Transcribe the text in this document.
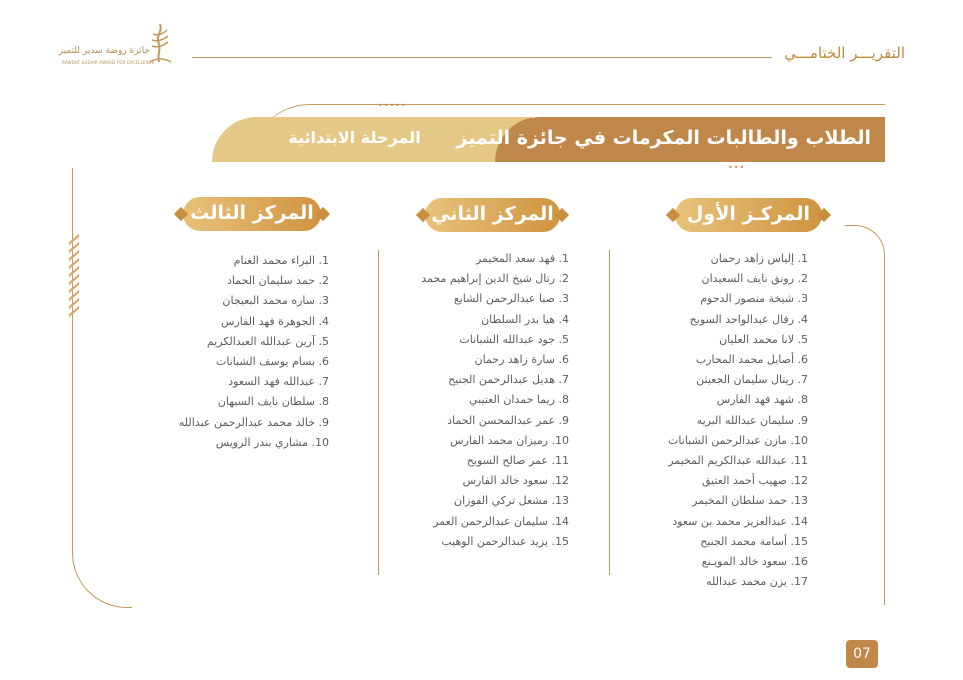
جائزة روضة سدير للتميز
RAWDAT SUDAIR AWARD FOR EXCELLENCE
التقريـــر الختامـــي
•••••
الطلاب والطالبات المكرمات في جائزة التميز
المرحلة الابتدائية
•••
المركـز الأول
المركز الثاني
المركز الثالث
1. إلياس زاهد رحمان
2. رونق نايف السعيدان
3. شيخة منصور الدحوم
4. رفال عبدالواحد السويح
5. لانا محمد العليان
6. أصايل محمد المحارب
7. ريتال سليمان الجعيثن
8. شهد فهد الفارس
9. سليمان عبدالله البريه
10. مازن عبدالرحمن الشبانات
11. عبدالله عبدالكريم المخيمر
12. صهيب أحمد العتيق
13. حمد سلطان المخيمر
14. عبدالعزيز محمد بن سعود
15. أسامة محمد الجنيح
16. سعود خالد المويـنع
17. يزن محمد عبدالله
1. فهد سعد المخيمر
2. رتال شيخ الدين إبراهيم محمد
3. صبا عبدالرحمن الشايع
4. هيا بدر السلطان
5. جود عبدالله الشبانات
6. سارة زاهد رحمان
7. هديل عبدالرحمن الجنيح
8. ريما حمدان العتيبي
9. عمر عبدالمحسن الحماد
10. رميزان محمد الفارس
11. عمر صالح السويح
12. سعود خالد الفارس
13. مشعل تركي الفوزان
14. سليمان عبدالرحمن العمر
15. يزيد عبدالرحمن الوهيب
1. البراء محمد الغنام
2. حمد سليمان الحماد
3. ساره محمد البعيجان
4. الجوهرة فهد الفارس
5. آرين عبدالله العبدالكريم
6. بسام يوسف الشبانات
7. عبدالله فهد السعود
8. سلطان نايف السبهان
9. خالد محمد عبدالرحمن عبدالله
10. مشاري بندر الرويس
07
